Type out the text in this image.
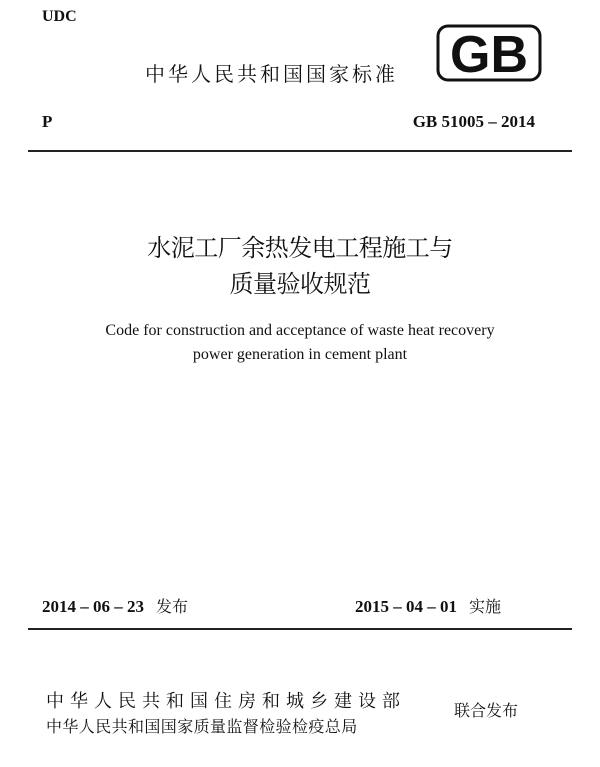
UDC
中华人民共和国国家标准 GB
P	GB 51005 – 2014
水泥工厂余热发电工程施工与
质量验收规范
Code for construction and acceptance of waste heat recovery
power generation in cement plant
2014 – 06 – 23 发布	2015 – 04 – 01 实施
中华人民共和国住房和城乡建设部
中华人民共和国国家质量监督检验检疫总局
联合发布
